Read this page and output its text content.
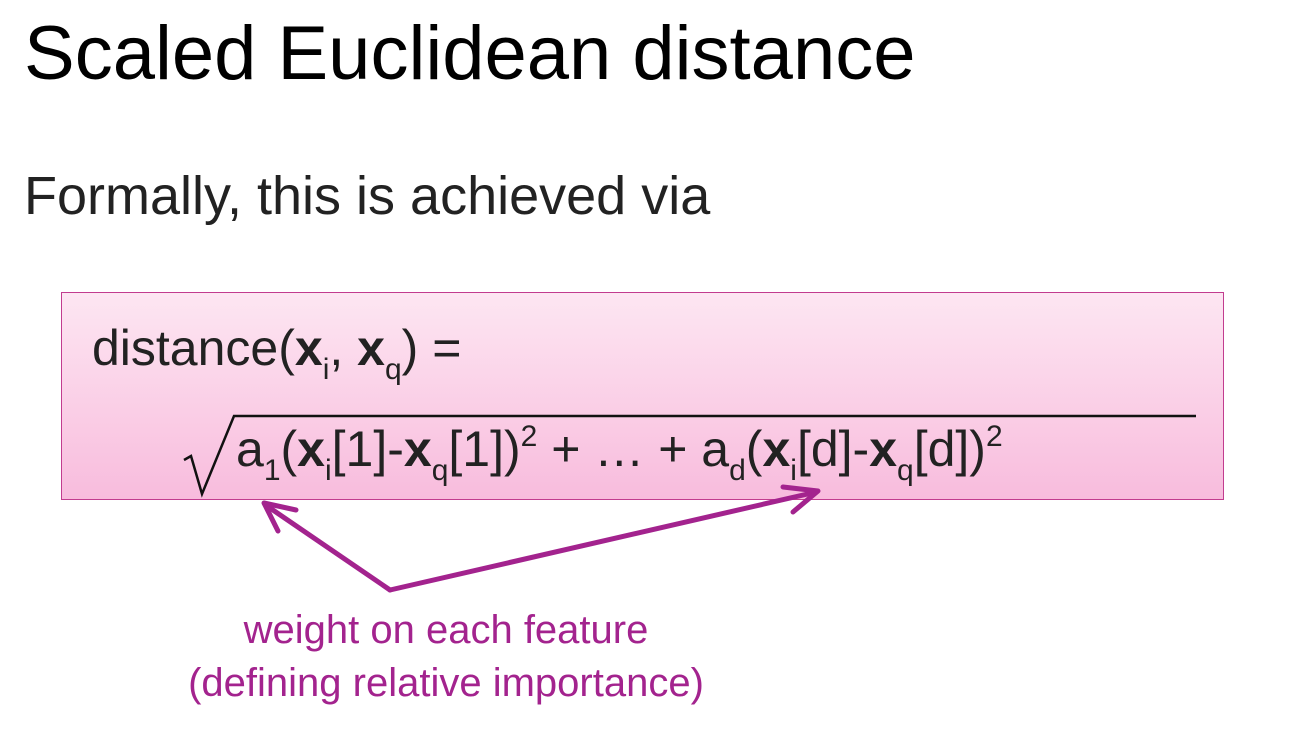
Scaled Euclidean distance
Formally, this is achieved via
$distance(x_i$, $x_q$) =
$a_1(x_i[1]-x_q[1])^2$ + … + $a_d(x_i[d]-x_q[d])^2$
weight on each feature
(defining relative importance)
